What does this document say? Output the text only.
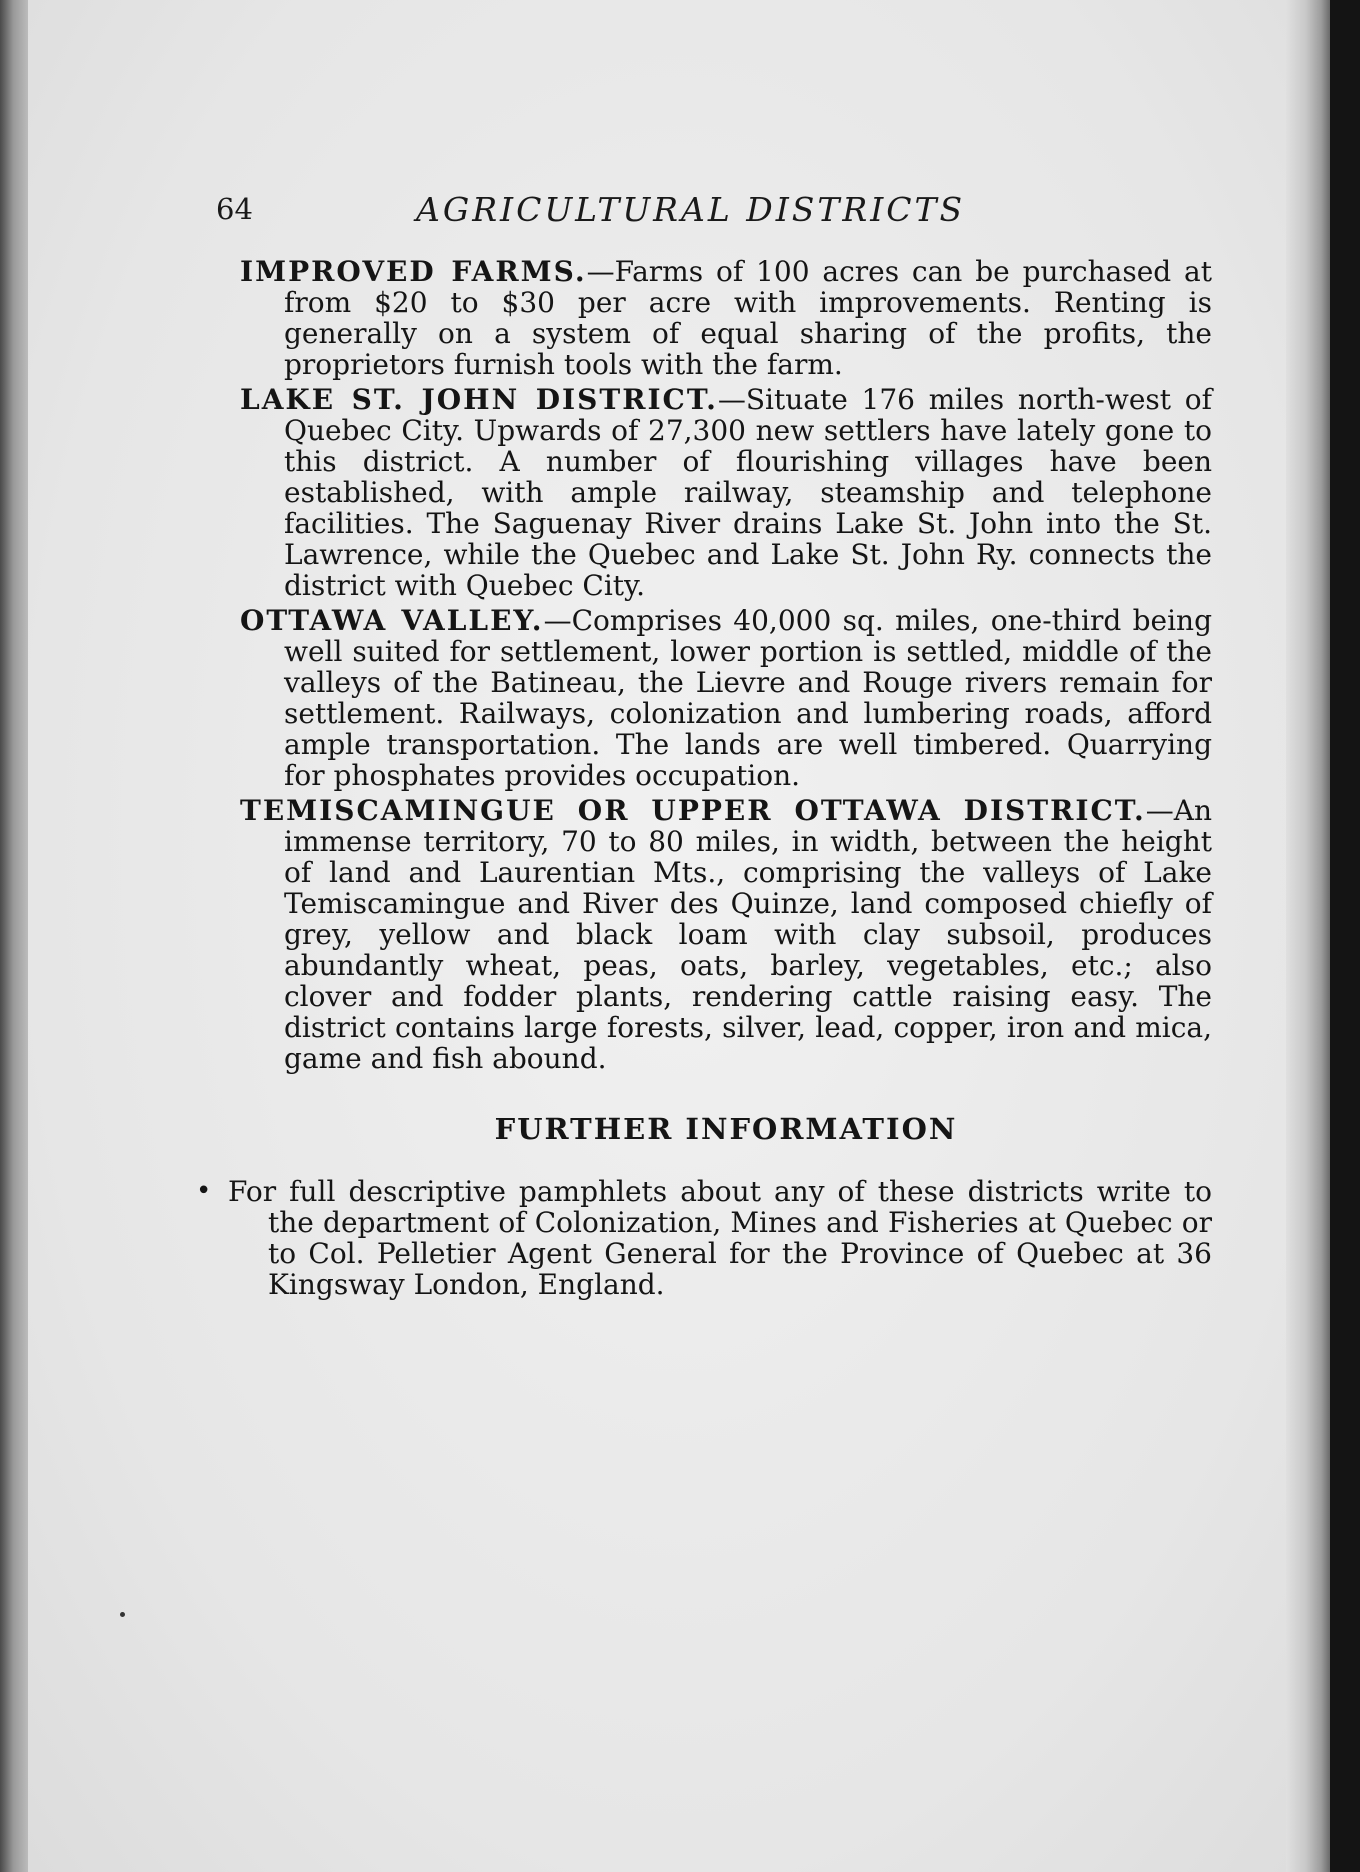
64	AGRICULTURAL DISTRICTS

IMPROVED FARMS.—Farms of 100 acres can be purchased at from $20 to $30 per acre with improvements. Renting is generally on a system of equal sharing of the profits, the proprietors furnish tools with the farm.

LAKE ST. JOHN DISTRICT.—Situate 176 miles north-west of Quebec City. Upwards of 27,300 new settlers have lately gone to this district. A number of flourishing villages have been established, with ample railway, steamship and telephone facilities. The Saguenay River drains Lake St. John into the St. Lawrence, while the Quebec and Lake St. John Ry. connects the district with Quebec City.

OTTAWA VALLEY.—Comprises 40,000 sq. miles, one-third being well suited for settlement, lower portion is settled, middle of the valleys of the Batineau, the Lievre and Rouge rivers remain for settlement. Railways, colonization and lumbering roads, afford ample transportation. The lands are well timbered. Quarrying for phosphates provides occupation.

TEMISCAMINGUE OR UPPER OTTAWA DISTRICT.—An immense territory, 70 to 80 miles, in width, between the height of land and Laurentian Mts., comprising the valleys of Lake Temiscamingue and River des Quinze, land composed chiefly of grey, yellow and black loam with clay subsoil, produces abundantly wheat, peas, oats, barley, vegetables, etc.; also clover and fodder plants, rendering cattle raising easy. The district contains large forests, silver, lead, copper, iron and mica, game and fish abound.

FURTHER INFORMATION

• For full descriptive pamphlets about any of these districts write to the department of Colonization, Mines and Fisheries at Quebec or to Col. Pelletier Agent General for the Province of Quebec at 36 Kingsway London, England.
